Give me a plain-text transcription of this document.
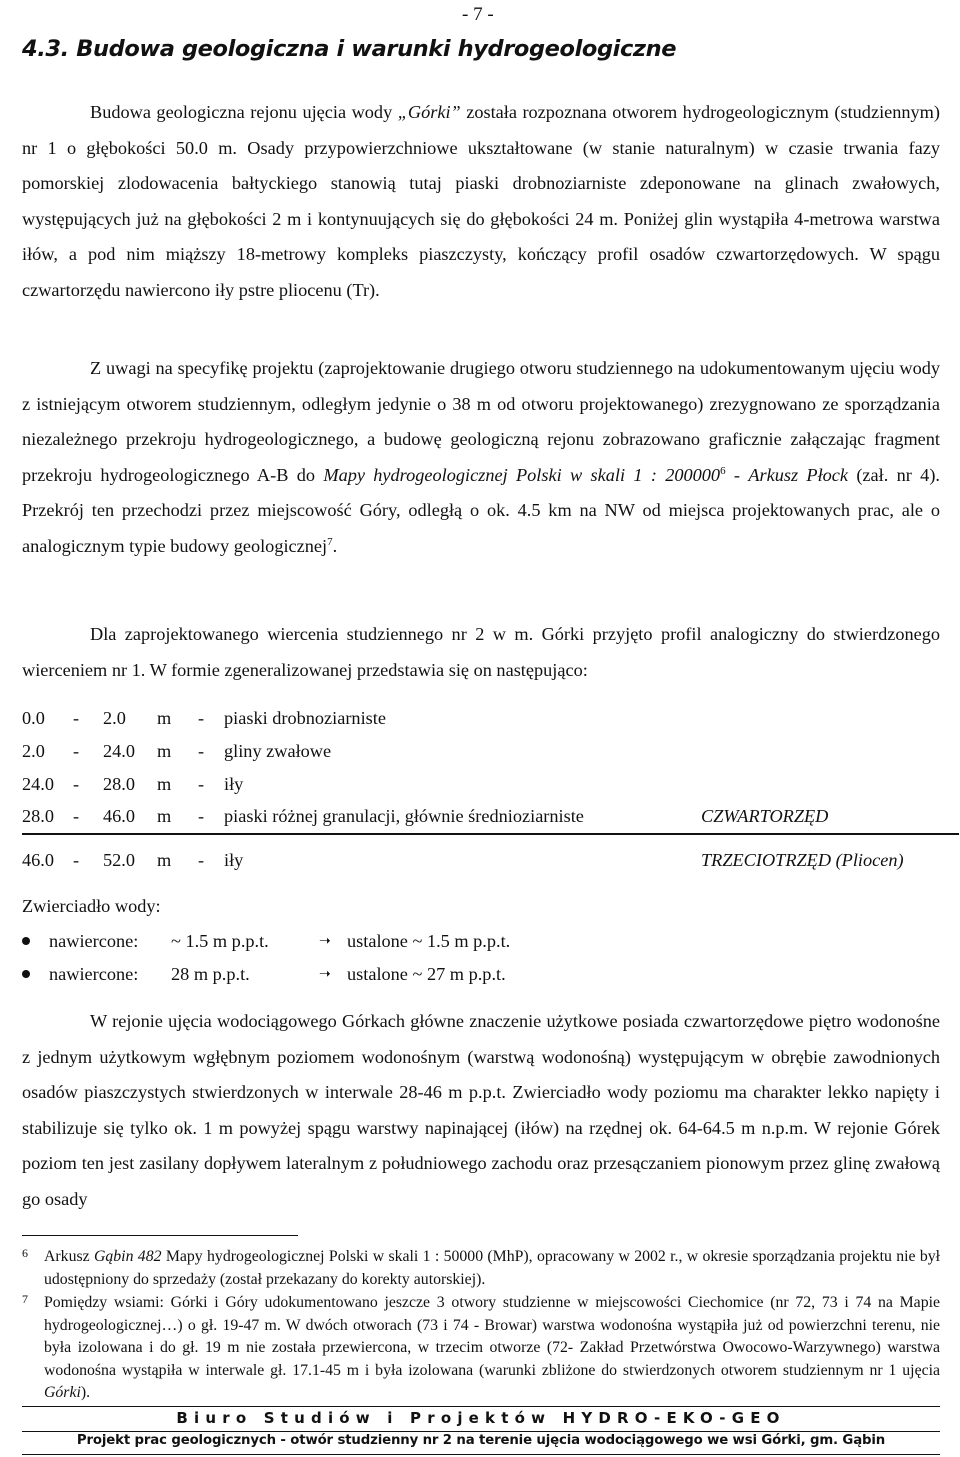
- 7 -
4.3. Budowa geologiczna i warunki hydrogeologiczne

Budowa geologiczna rejonu ujęcia wody „Górki” została rozpoznana otworem hydrogeologicznym (studziennym) nr 1 o głębokości 50.0 m. Osady przypowierzchniowe ukształtowane (w stanie naturalnym) w czasie trwania fazy pomorskiej zlodowacenia bałtyckiego stanowią tutaj piaski drobnoziarniste zdeponowane na glinach zwałowych, występujących już na głębokości 2 m i kontynuujących się do głębokości 24 m. Poniżej glin wystąpiła 4-metrowa warstwa iłów, a pod nim miąższy 18-metrowy kompleks piaszczysty, kończący profil osadów czwartorzędowych. W spągu czwartorzędu nawiercono iły pstre pliocenu (Tr).

Z uwagi na specyfikę projektu (zaprojektowanie drugiego otworu studziennego na udokumentowanym ujęciu wody z istniejącym otworem studziennym, odległym jedynie o 38 m od otworu projektowanego) zrezygnowano ze sporządzania niezależnego przekroju hydrogeologicznego, a budowę geologiczną rejonu zobrazowano graficznie załączając fragment przekroju hydrogeologicznego A-B do Mapy hydrogeologicznej Polski w skali 1 : 200000$^6$ - Arkusz Płock (zał. nr 4). Przekrój ten przechodzi przez miejscowość Góry, odległą o ok. 4.5 km na NW od miejsca projektowanych prac, ale o analogicznym typie budowy geologicznej$^7$.

Dla zaprojektowanego wiercenia studziennego nr 2 w m. Górki przyjęto profil analogiczny do stwierdzonego wierceniem nr 1. W formie zgeneralizowanej przedstawia się on następująco:

0.0 - 2.0 m - piaski drobnoziarniste
2.0 - 24.0 m - gliny zwałowe
24.0 - 28.0 m - iły
28.0 - 46.0 m - piaski różnej granulacji, głównie średnioziarniste	CZWARTORZĘD
46.0 - 52.0 m - iły	TRZECIOTRZĘD (Pliocen)
Zwierciadło wody:
nawiercone: ~ 1.5 m p.p.t.	➝ ustalone ~ 1.5 m p.p.t.
nawiercone: 28 m p.p.t.	➝ ustalone ~ 27 m p.p.t.

W rejonie ujęcia wodociągowego Górkach główne znaczenie użytkowe posiada czwartorzędowe piętro wodonośne z jednym użytkowym wgłębnym poziomem wodonośnym (warstwą wodonośną) występującym w obrębie zawodnionych osadów piaszczystych stwierdzonych w interwale 28-46 m p.p.t. Zwierciadło wody poziomu ma charakter lekko napięty i stabilizuje się tylko ok. 1 m powyżej spągu warstwy napinającej (iłów) na rzędnej ok. 64-64.5 m n.p.m. W rejonie Górek poziom ten jest zasilany dopływem lateralnym z południowego zachodu oraz przesączaniem pionowym przez glinę zwałową go osady

6 Arkusz Gąbin 482 Mapy hydrogeologicznej Polski w skali 1 : 50000 (MhP), opracowany w 2002 r., w okresie sporządzania projektu nie był udostępniony do sprzedaży (został przekazany do korekty autorskiej).
7 Pomiędzy wsiami: Górki i Góry udokumentowano jeszcze 3 otwory studzienne w miejscowości Ciechomice (nr 72, 73 i 74 na Mapie hydrogeologicznej…) o gł. 19-47 m. W dwóch otworach (73 i 74 - Browar) warstwa wodonośna wystąpiła już od powierzchni terenu, nie była izolowana i do gł. 19 m nie została przewiercona, w trzecim otworze (72- Zakład Przetwórstwa Owocowo-Warzywnego) warstwa wodonośna wystąpiła w interwale gł. 17.1-45 m i była izolowana (warunki zbliżone do stwierdzonych otworem studziennym nr 1 ujęcia Górki).
Biuro Studiów i Projektów HYDRO-EKO-GEO
Projekt prac geologicznych - otwór studzienny nr 2 na terenie ujęcia wodociągowego we wsi Górki, gm. Gąbin
